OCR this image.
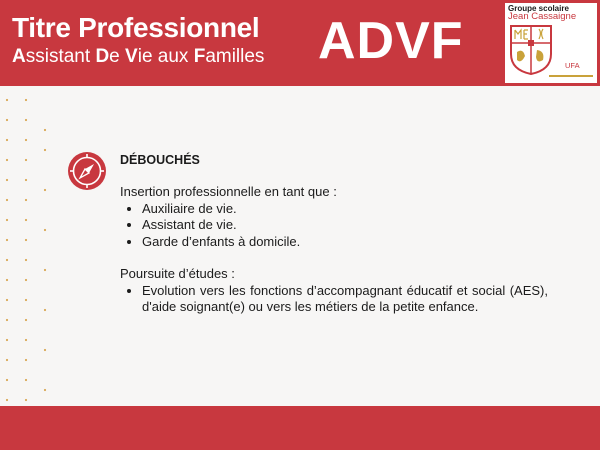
Titre Professionnel
Assistant De Vie aux Familles ADVF
Groupe scolaire
Jean Cassaigne
UFA
DÉBOUCHÉS

Insertion professionnelle en tant que :

• Auxiliaire de vie.
• Assistant de vie.
• Garde d’enfants à domicile.

Poursuite d’études :

• Evolution vers les fonctions d’accompagnant éducatif et social (AES), d'aide soignant(e) ou vers les métiers de la petite enfance.
